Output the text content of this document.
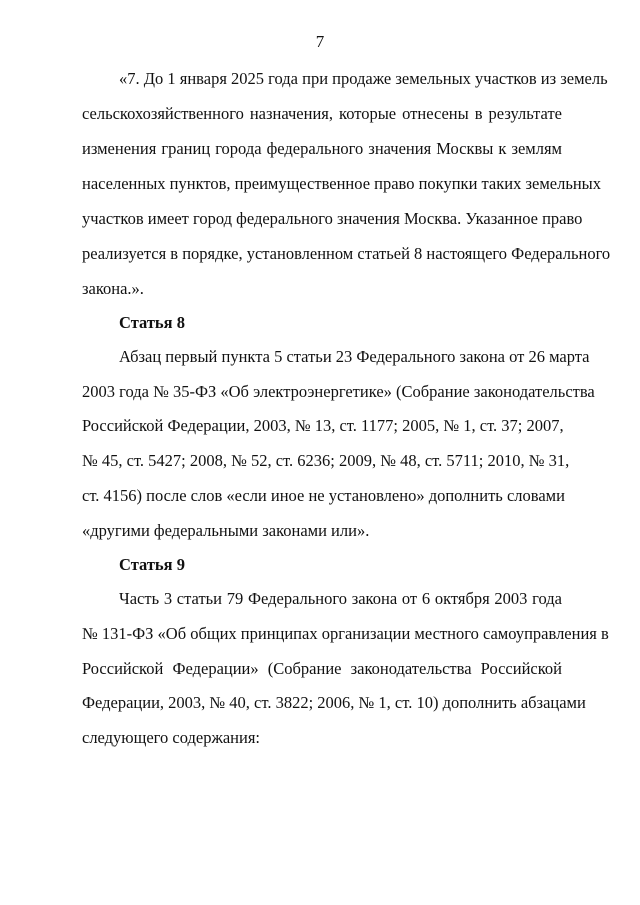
7
«7. До 1 января 2025 года при продаже земельных участков из земель
сельскохозяйственного назначения, которые отнесены в результате
изменения границ города федерального значения Москвы к землям
населенных пунктов, преимущественное право покупки таких земельных
участков имеет город федерального значения Москва. Указанное право
реализуется в порядке, установленном статьей 8 настоящего Федерального
закона.».
Статья 8
Абзац первый пункта 5 статьи 23 Федерального закона от 26 марта
2003 года № 35-ФЗ «Об электроэнергетике» (Собрание законодательства
Российской Федерации, 2003, № 13, ст. 1177; 2005, № 1, ст. 37; 2007,
№ 45, ст. 5427; 2008, № 52, ст. 6236; 2009, № 48, ст. 5711; 2010, № 31,
ст. 4156) после слов «если иное не установлено» дополнить словами
«другими федеральными законами или».
Статья 9
Часть 3 статьи 79 Федерального закона от 6 октября 2003 года
№ 131-ФЗ «Об общих принципах организации местного самоуправления в
Российской Федерации» (Собрание законодательства Российской
Федерации, 2003, № 40, ст. 3822; 2006, № 1, ст. 10) дополнить абзацами
следующего содержания:
